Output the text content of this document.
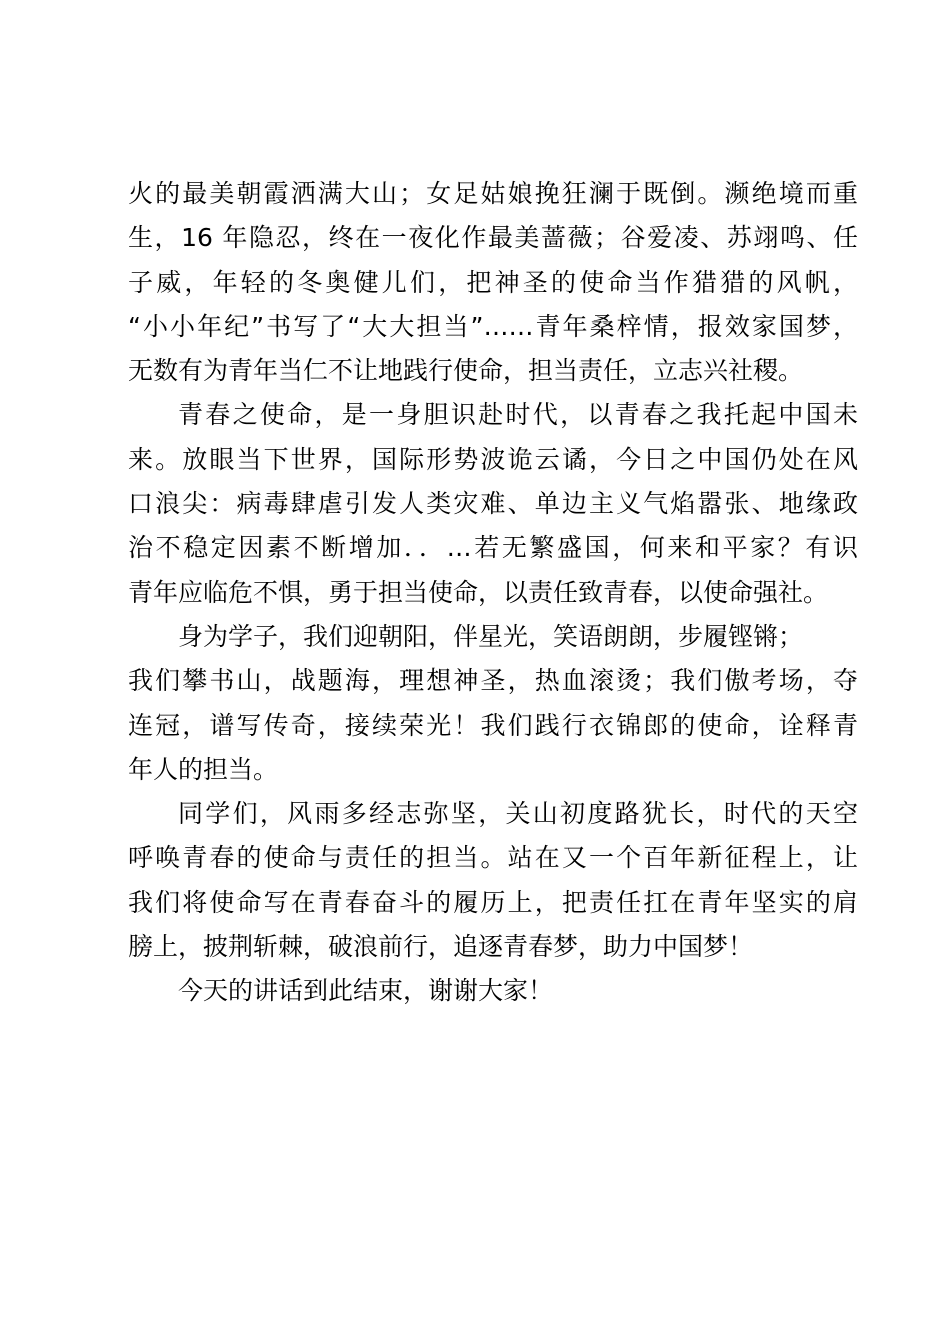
火的最美朝霞洒满大山；女足姑娘挽狂澜于既倒。濒绝境而重
生，16 年隐忍，终在一夜化作最美蔷薇；谷爱凌、苏翊鸣、任
子威，年轻的冬奥健儿们，把神圣的使命当作猎猎的风帆，
“小小年纪”书写了“大大担当”……青年桑梓情，报效家国梦，
无数有为青年当仁不让地践行使命，担当责任，立志兴社稷。
青春之使命，是一身胆识赴时代，以青春之我托起中国未
来。放眼当下世界，国际形势波诡云谲，今日之中国仍处在风
口浪尖：病毒肆虐引发人类灾难、单边主义气焰嚣张、地缘政
治不稳定因素不断增加．．…若无繁盛国，何来和平家？有识
青年应临危不惧，勇于担当使命，以责任致青春，以使命强社。
身为学子，我们迎朝阳，伴星光，笑语朗朗，步履铿锵；
我们攀书山，战题海，理想神圣，热血滚烫；我们傲考场，夺
连冠，谱写传奇，接续荣光！我们践行衣锦郎的使命，诠释青
年人的担当。
同学们，风雨多经志弥坚，关山初度路犹长，时代的天空
呼唤青春的使命与责任的担当。站在又一个百年新征程上，让
我们将使命写在青春奋斗的履历上，把责任扛在青年坚实的肩
膀上，披荆斩棘，破浪前行，追逐青春梦，助力中国梦！
今天的讲话到此结束，谢谢大家！
